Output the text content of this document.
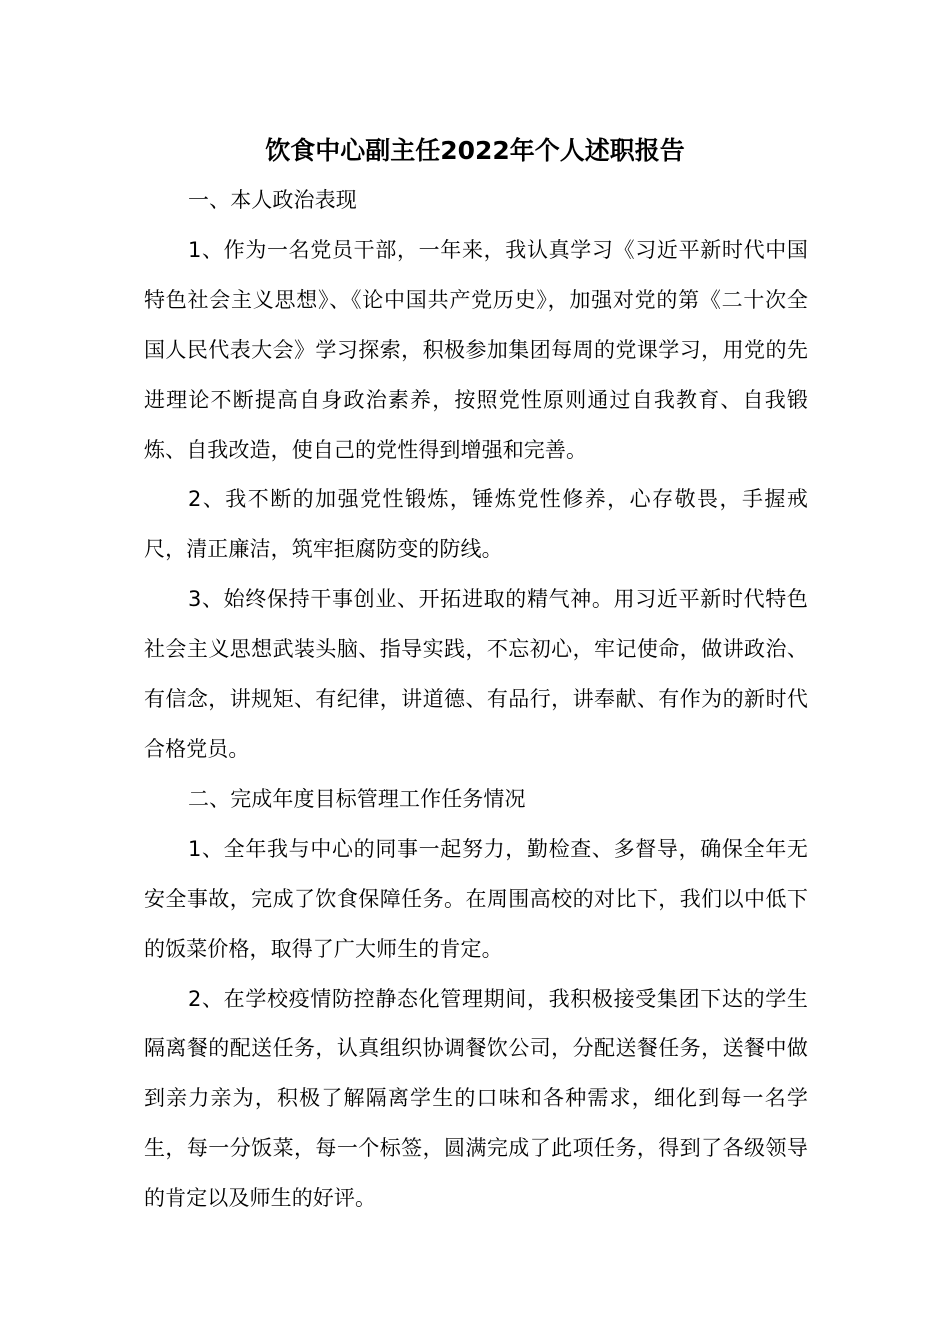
饮食中心副主任2022年个人述职报告

一、本人政治表现

1、作为一名党员干部，一年来，我认真学习《习近平新时代中国特色社会主义思想》、《论中国共产党历史》，加强对党的第《二十次全国人民代表大会》学习探索，积极参加集团每周的党课学习，用党的先进理论不断提高自身政治素养，按照党性原则通过自我教育、自我锻炼、自我改造，使自己的党性得到增强和完善。

2、我不断的加强党性锻炼，锤炼党性修养，心存敬畏，手握戒尺，清正廉洁，筑牢拒腐防变的防线。

3、始终保持干事创业、开拓进取的精气神。用习近平新时代特色社会主义思想武装头脑、指导实践，不忘初心，牢记使命，做讲政治、有信念，讲规矩、有纪律，讲道德、有品行，讲奉献、有作为的新时代合格党员。

二、完成年度目标管理工作任务情况

1、全年我与中心的同事一起努力，勤检查、多督导，确保全年无安全事故，完成了饮食保障任务。在周围高校的对比下，我们以中低下的饭菜价格，取得了广大师生的肯定。

2、在学校疫情防控静态化管理期间，我积极接受集团下达的学生隔离餐的配送任务，认真组织协调餐饮公司，分配送餐任务，送餐中做到亲力亲为，积极了解隔离学生的口味和各种需求，细化到每一名学生，每一分饭菜，每一个标签，圆满完成了此项任务，得到了各级领导的肯定以及师生的好评。
